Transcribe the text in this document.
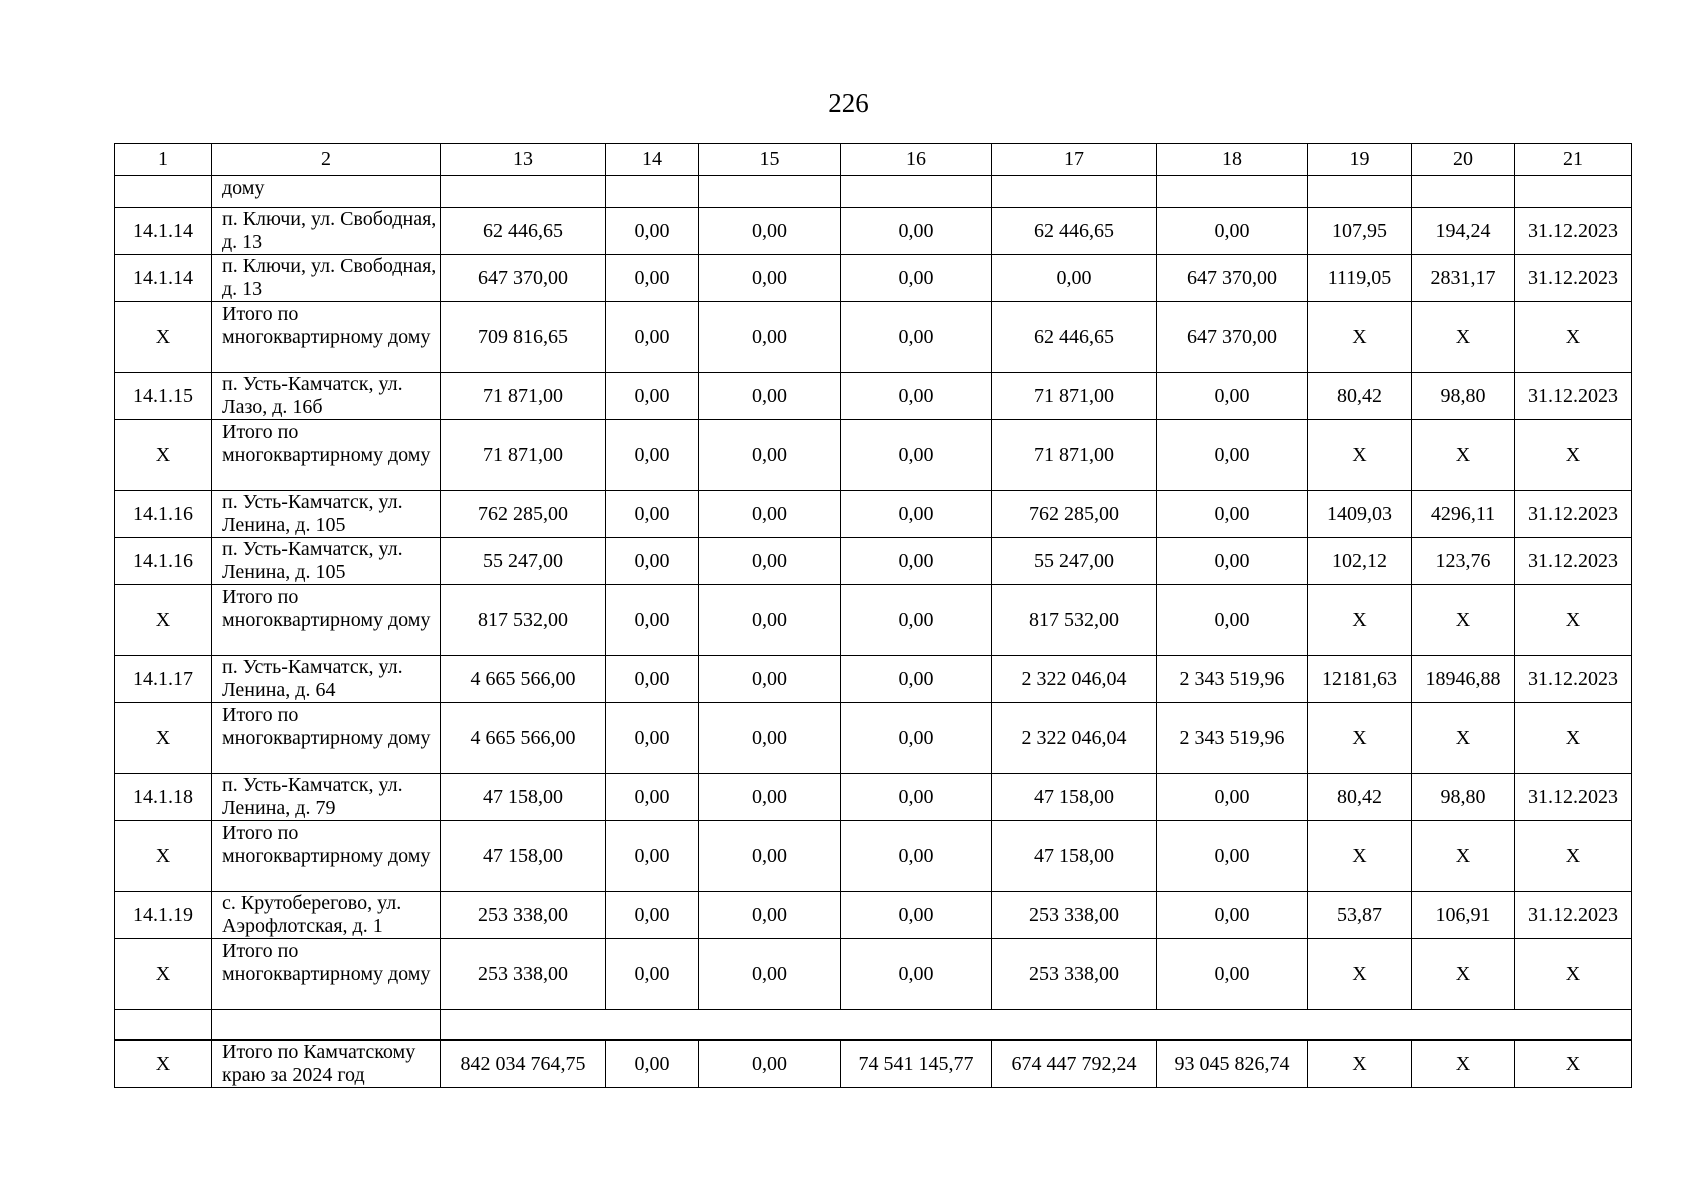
226
1	2	13	14	15	16	17	18	19	20	21
	дому									
14.1.14	п. Ключи, ул. Свободная, д. 13	62 446,65	0,00	0,00	0,00	62 446,65	0,00	107,95	194,24	31.12.2023
14.1.14	п. Ключи, ул. Свободная, д. 13	647 370,00	0,00	0,00	0,00	0,00	647 370,00	1119,05	2831,17	31.12.2023
X	Итого по многоквартирному дому	709 816,65	0,00	0,00	0,00	62 446,65	647 370,00	X	X	X
14.1.15	п. Усть-Камчатск, ул. Лазо, д. 16б	71 871,00	0,00	0,00	0,00	71 871,00	0,00	80,42	98,80	31.12.2023
X	Итого по многоквартирному дому	71 871,00	0,00	0,00	0,00	71 871,00	0,00	X	X	X
14.1.16	п. Усть-Камчатск, ул. Ленина, д. 105	762 285,00	0,00	0,00	0,00	762 285,00	0,00	1409,03	4296,11	31.12.2023
14.1.16	п. Усть-Камчатск, ул. Ленина, д. 105	55 247,00	0,00	0,00	0,00	55 247,00	0,00	102,12	123,76	31.12.2023
X	Итого по многоквартирному дому	817 532,00	0,00	0,00	0,00	817 532,00	0,00	X	X	X
14.1.17	п. Усть-Камчатск, ул. Ленина, д. 64	4 665 566,00	0,00	0,00	0,00	2 322 046,04	2 343 519,96	12181,63	18946,88	31.12.2023
X	Итого по многоквартирному дому	4 665 566,00	0,00	0,00	0,00	2 322 046,04	2 343 519,96	X	X	X
14.1.18	п. Усть-Камчатск, ул. Ленина, д. 79	47 158,00	0,00	0,00	0,00	47 158,00	0,00	80,42	98,80	31.12.2023
X	Итого по многоквартирному дому	47 158,00	0,00	0,00	0,00	47 158,00	0,00	X	X	X
14.1.19	с. Крутоберегово, ул. Аэрофлотская, д. 1	253 338,00	0,00	0,00	0,00	253 338,00	0,00	53,87	106,91	31.12.2023
X	Итого по многоквартирному дому	253 338,00	0,00	0,00	0,00	253 338,00	0,00	X	X	X

X	Итого по Камчатскому краю за 2024 год	842 034 764,75	0,00	0,00	74 541 145,77	674 447 792,24	93 045 826,74	X	X	X
